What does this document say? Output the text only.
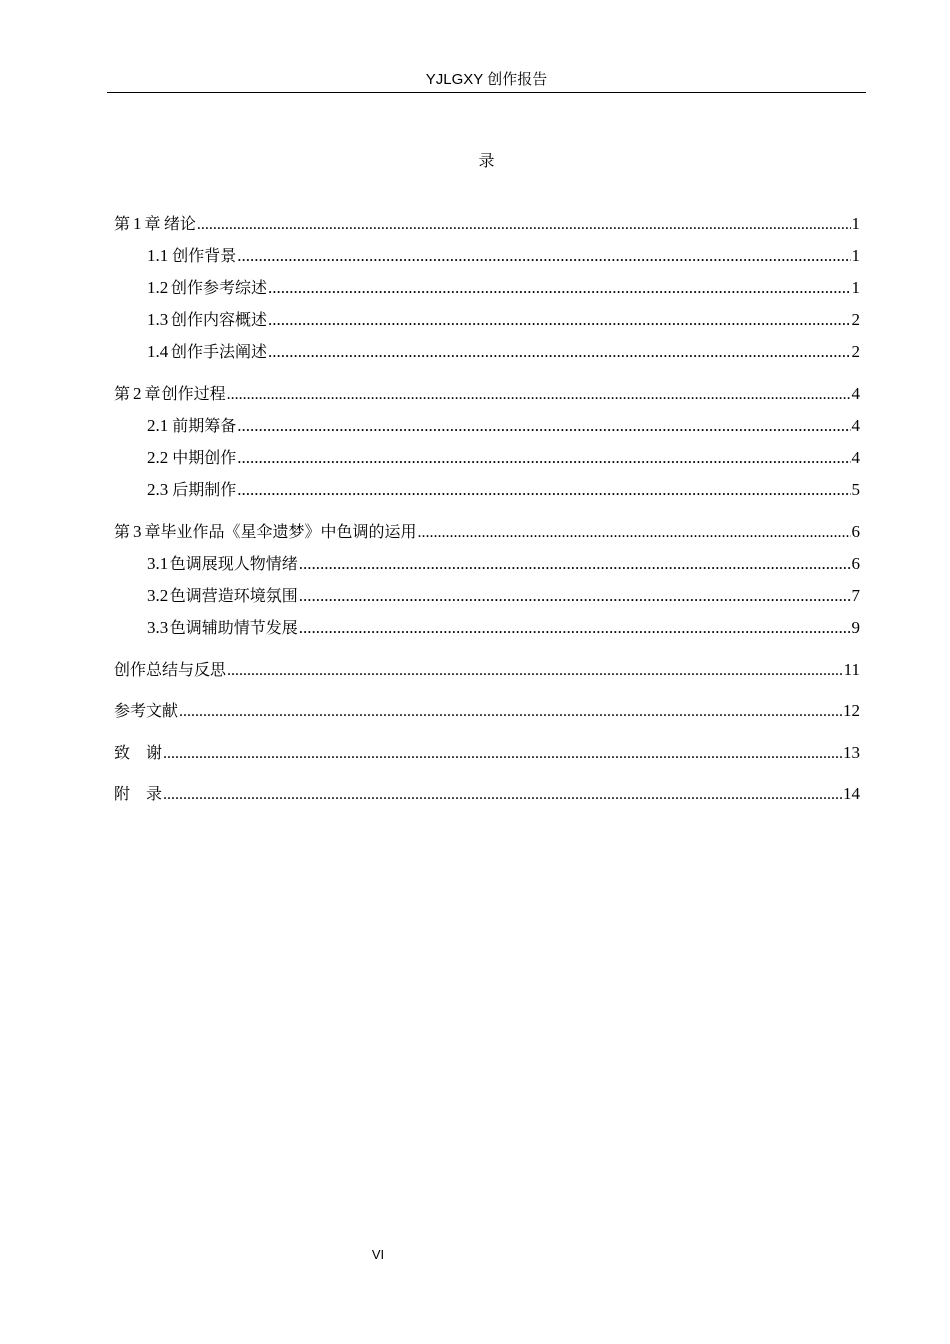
YJLGXY 创作报告
录
第 1 章 绪论 .....	1
1.1 创作背景 .....	1
1.2 创作参考综述 .....	1
1.3 创作内容概述 .....	2
1.4 创作手法阐述 .....	2
第 2 章 创作过程 .....	4
2.1 前期筹备 .....	4
2.2 中期创作 .....	4
2.3 后期制作 .....	5
第 3 章 毕业作品《星伞遗梦》中色调的运用 .....	6
3.1 色调展现人物情绪 .....	6
3.2 色调营造环境氛围 .....	7
3.3 色调辅助情节发展 .....	9
创作总结与反思 .....	11
参考文献 .....	12
致　谢 .....	13
附　录 .....	14
VI
